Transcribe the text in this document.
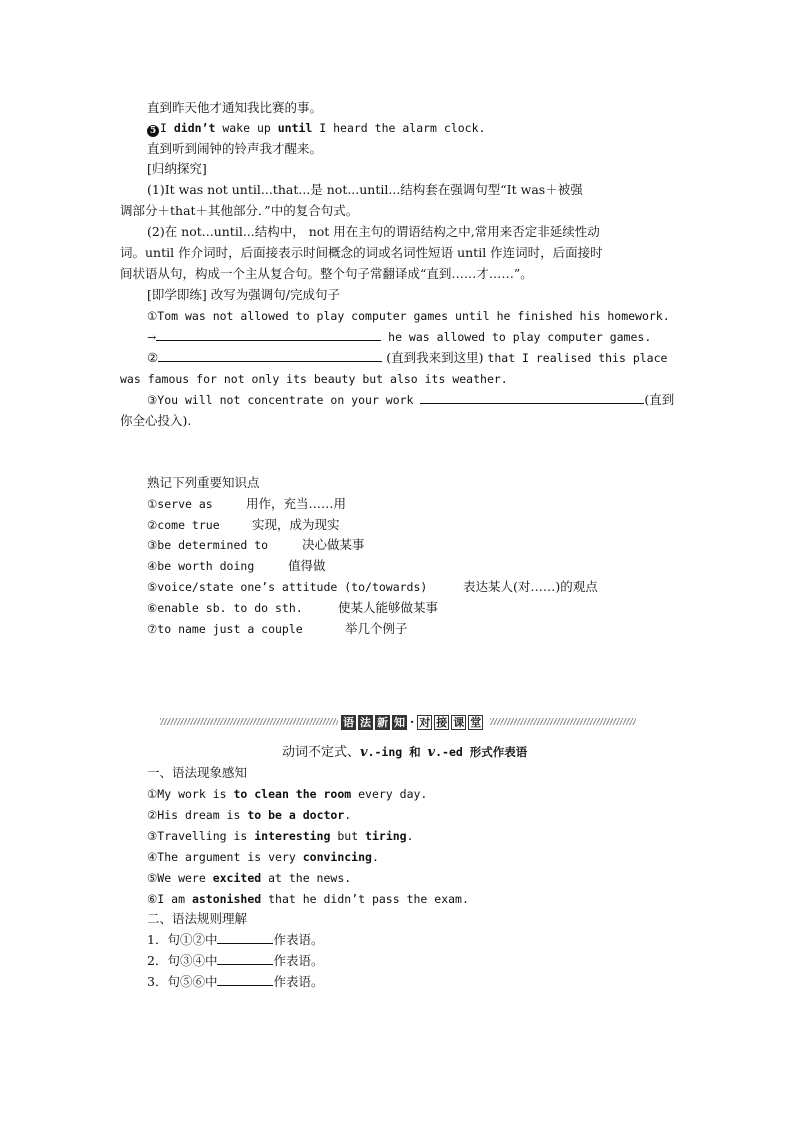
直到昨天他才通知我比赛的事。
5 I didn’t wake up until I heard the alarm clock.
直到听到闹钟的铃声我才醒来。
[归纳探究]
(1)It was not until...that...是 not...until...结构套在强调句型“It was＋被强
调部分＋that＋其他部分．”中的复合句式。
(2)在 not...until...结构中， not 用在主句的谓语结构之中,常用来否定非延续性动
词。until 作介词时，后面接表示时间概念的词或名词性短语 until 作连词时，后面接时
间状语从句，构成一个主从复合句。整个句子常翻译成“直到……才……”。
[即学即练] 改写为强调句/完成句子
①Tom was not allowed to play computer games until he finished his homework.
→	he was allowed to play computer games.
②	(直到我来到这里) that I realised this place
was famous for not only its beauty but also its weather.
③You will not concentrate on your work	(直到
你全心投入).
熟记下列重要知识点
①serve as	用作，充当……用
②come true	实现，成为现实
③be determined to	决心做某事
④be worth doing	值得做
⑤voice/state one’s attitude (to/towards)	表达某人(对……)的观点
⑥enable sb. to do sth.	使某人能够做某事
⑦to name just a couple	举几个例子
语 法 新 知 · 对 接 课 堂
动词不定式、v.-ing 和 v.-ed 形式作表语
一、语法现象感知
①My work is to clean the room every day.
②His dream is to be a doctor.
③Travelling is interesting but tiring.
④The argument is very convincing.
⑤We were excited at the news.
⑥I am astonished that he didn’t pass the exam.
二、语法规则理解
1．句①②中	作表语。
2．句③④中	作表语。
3．句⑤⑥中	作表语。
